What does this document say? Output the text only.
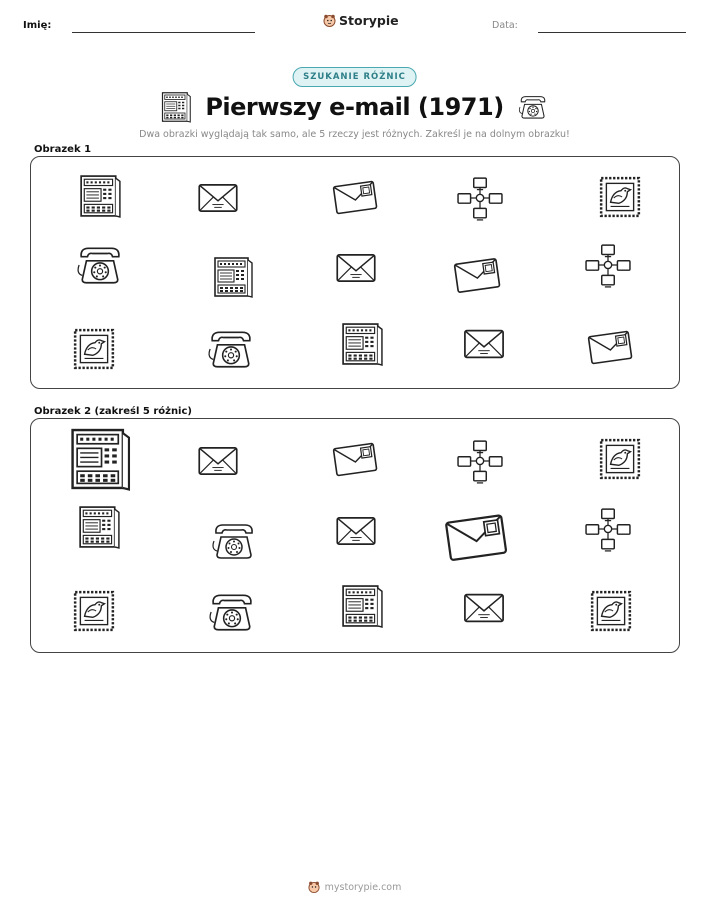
Imię:	Storypie	Data:
SZUKANIE RÓŻNIC
Pierwszy e-mail (1971)
Dwa obrazki wyglądają tak samo, ale 5 rzeczy jest różnych. Zakreśl je na dolnym obrazku!
Obrazek 1
Obrazek 2 (zakreśl 5 różnic)
mystorypie.com
